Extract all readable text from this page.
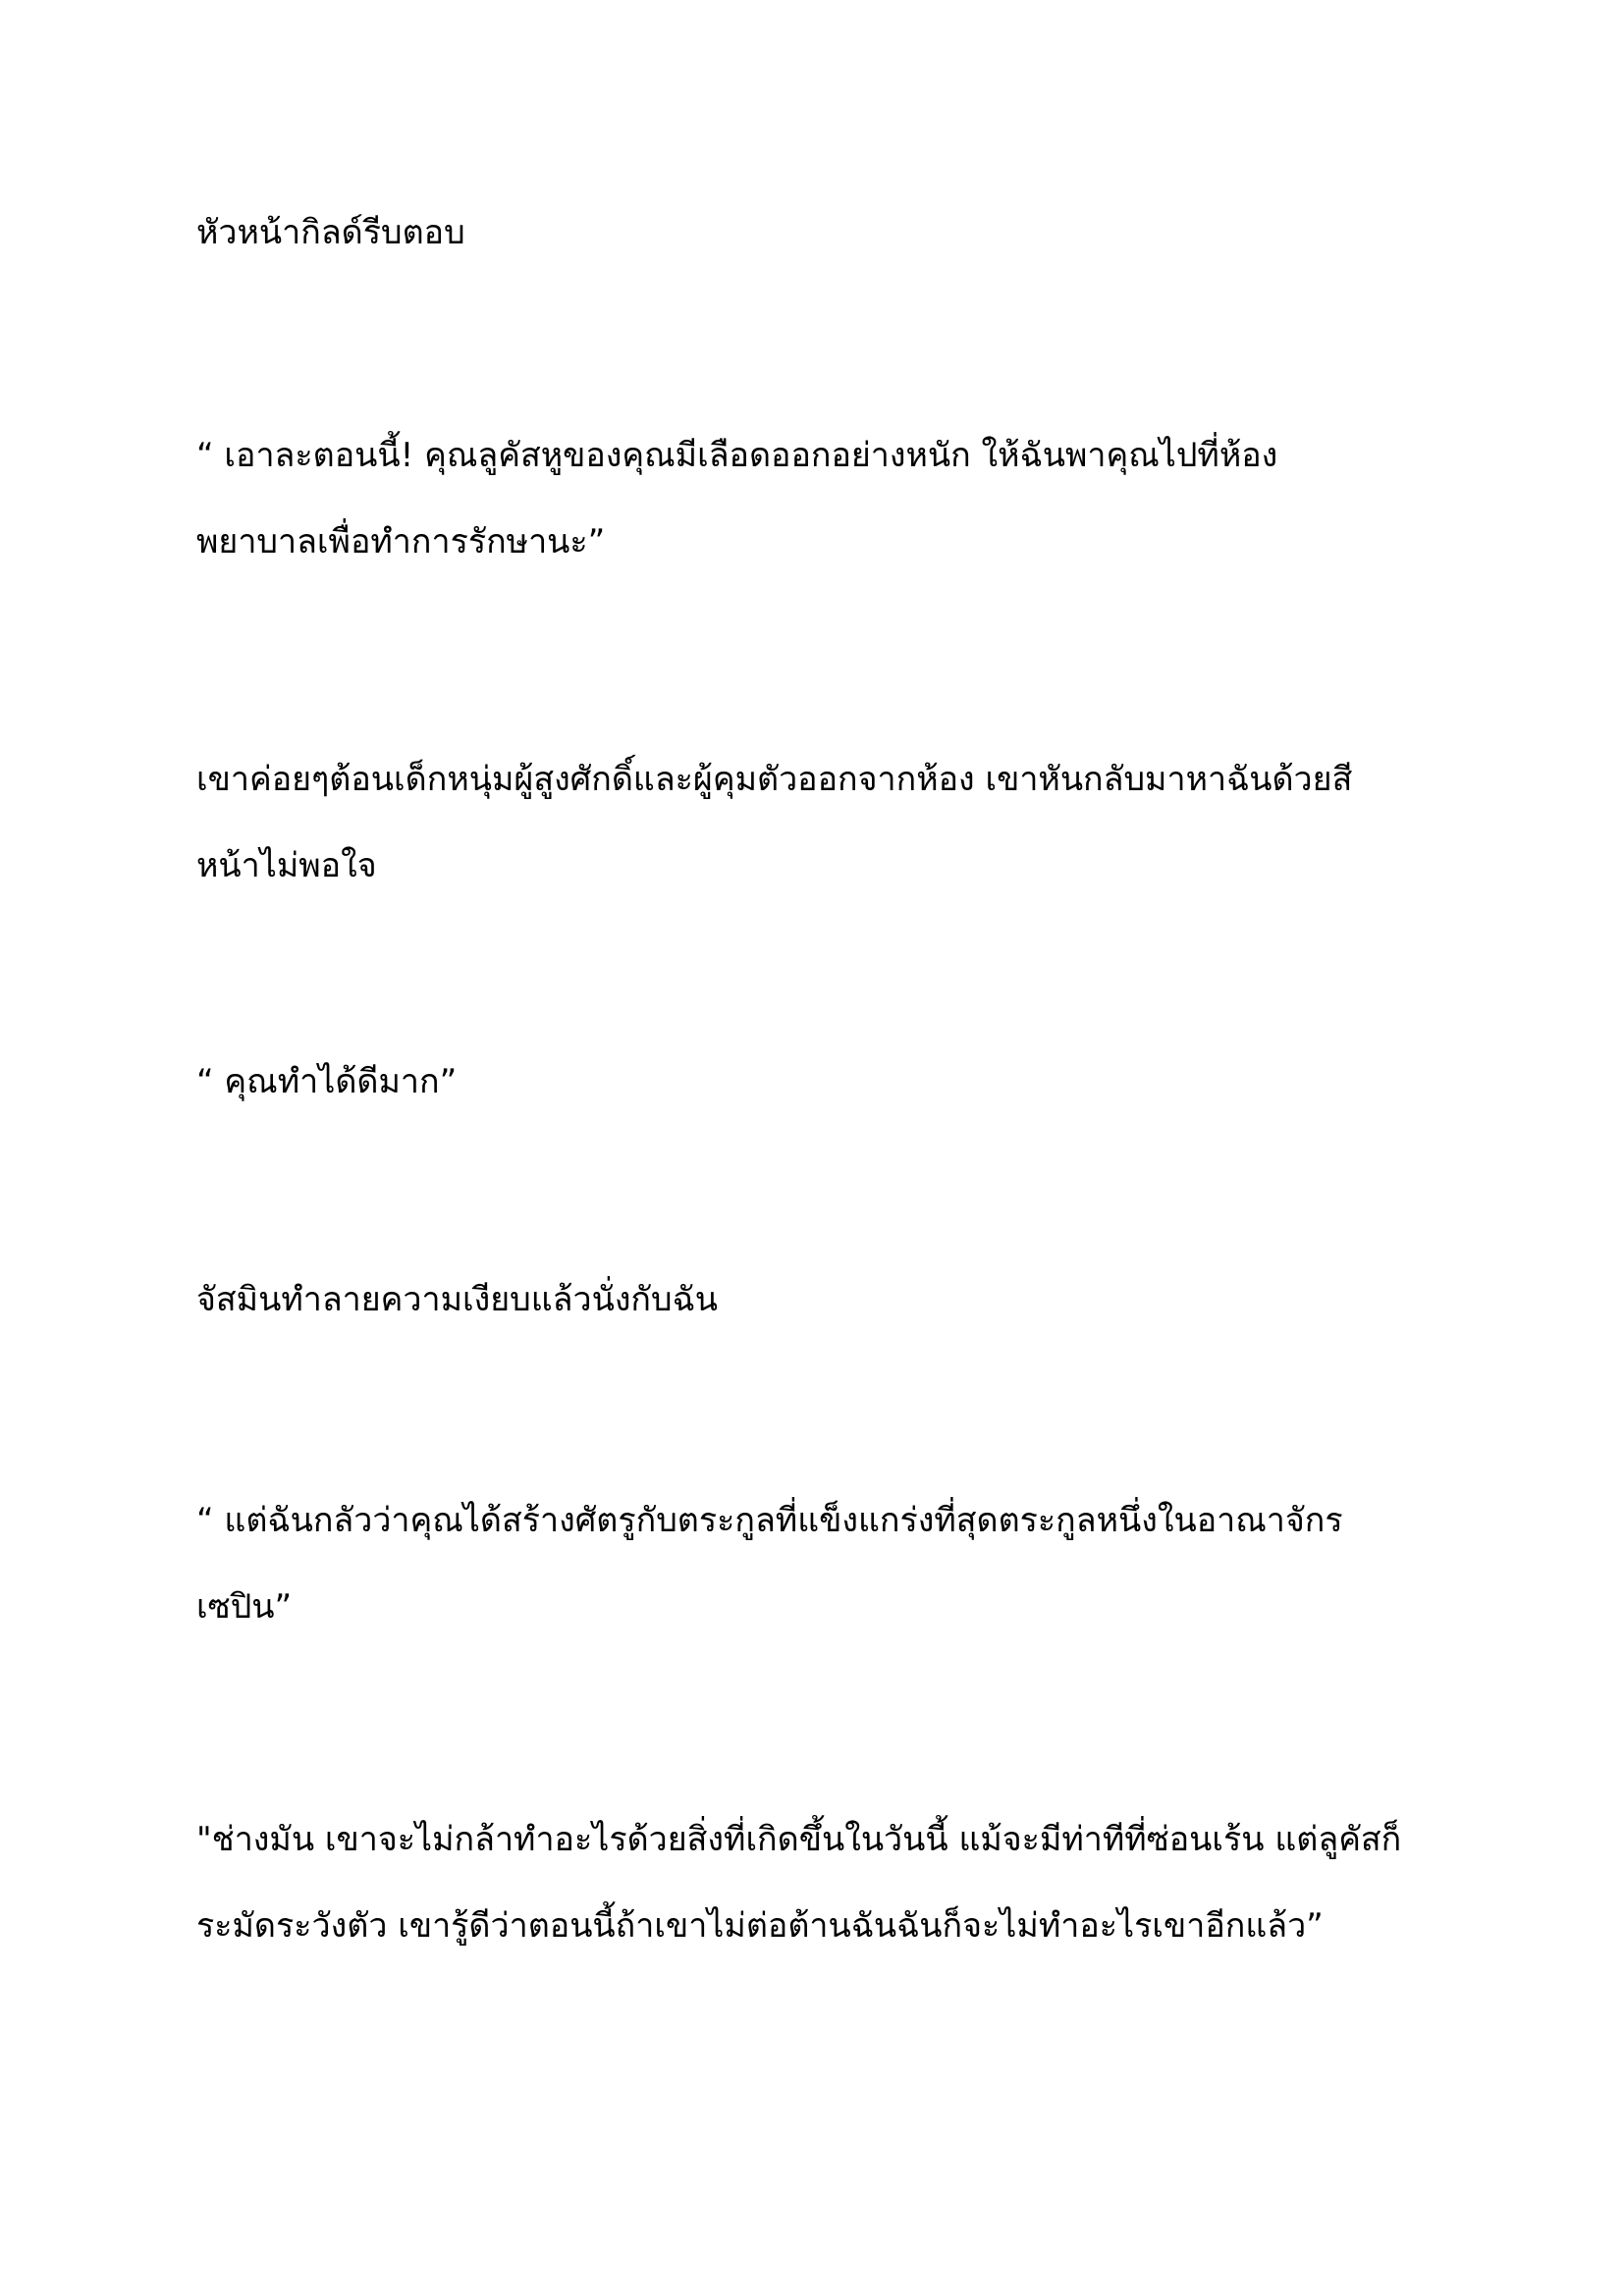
หัวหน้ากิลด์รีบตอบ

“ เอาละตอนนี้! คุณลูคัสหูของคุณมีเลือดออกอย่างหนัก ให้ฉันพาคุณไปที่ห้อง
พยาบาลเพื่อทำการรักษานะ”

เขาค่อยๆต้อนเด็กหนุ่มผู้สูงศักดิ์และผู้คุมตัวออกจากห้อง เขาหันกลับมาหาฉันด้วยสี
หน้าไม่พอใจ

“ คุณทำได้ดีมาก”

จัสมินทำลายความเงียบแล้วนั่งกับฉัน

“ แต่ฉันกลัวว่าคุณได้สร้างศัตรูกับตระกูลที่แข็งแกร่งที่สุดตระกูลหนึ่งในอาณาจักร
เซปิน”

"ช่างมัน เขาจะไม่กล้าทำอะไรด้วยสิ่งที่เกิดขึ้นในวันนี้ แม้จะมีท่าทีที่ซ่อนเร้น แต่ลูคัสก็
ระมัดระวังตัว เขารู้ดีว่าตอนนี้ถ้าเขาไม่ต่อต้านฉันฉันก็จะไม่ทำอะไรเขาอีกแล้ว”
